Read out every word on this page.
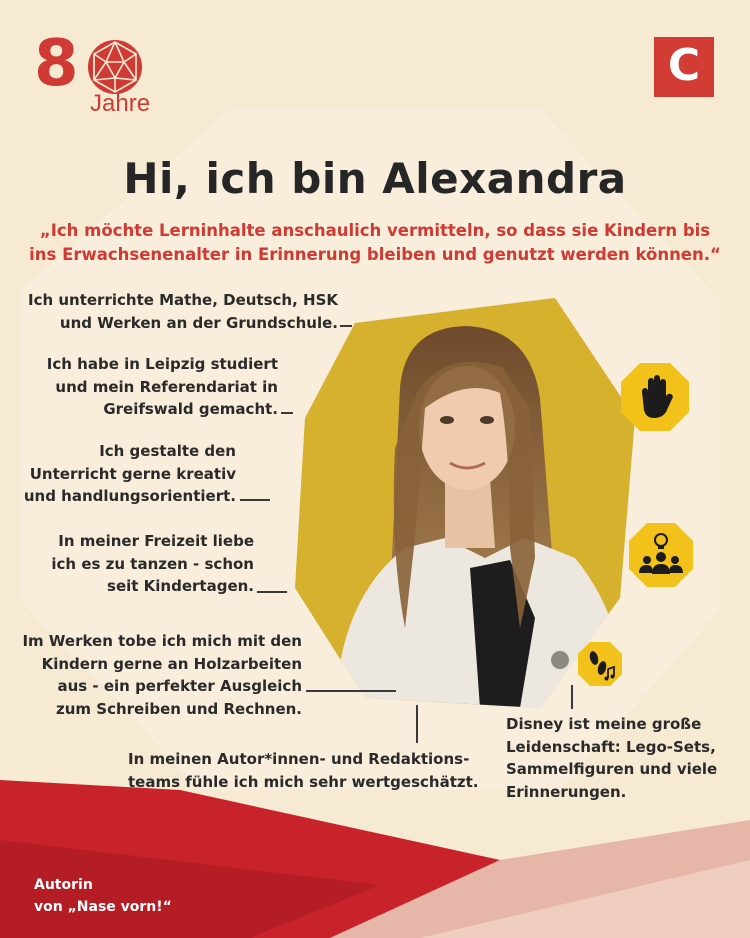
8
Jahre
C
Hi, ich bin Alexandra
„Ich möchte Lerninhalte anschaulich vermitteln, so dass sie Kindern bis
ins Erwachsenenalter in Erinnerung bleiben und genutzt werden können.“
Ich unterrichte Mathe, Deutsch, HSK
und Werken an der Grundschule.
Ich habe in Leipzig studiert
und mein Referendariat in
Greifswald gemacht.
Ich gestalte den
Unterricht gerne kreativ
und handlungsorientiert.
In meiner Freizeit liebe
ich es zu tanzen - schon
seit Kindertagen.
Im Werken tobe ich mich mit den
Kindern gerne an Holzarbeiten
aus - ein perfekter Ausgleich
zum Schreiben und Rechnen.
In meinen Autor*innen- und Redaktions-
teams fühle ich mich sehr wertgeschätzt.
Disney ist meine große
Leidenschaft: Lego-Sets,
Sammelfiguren und viele
Erinnerungen.
Autorin
von „Nase vorn!“
